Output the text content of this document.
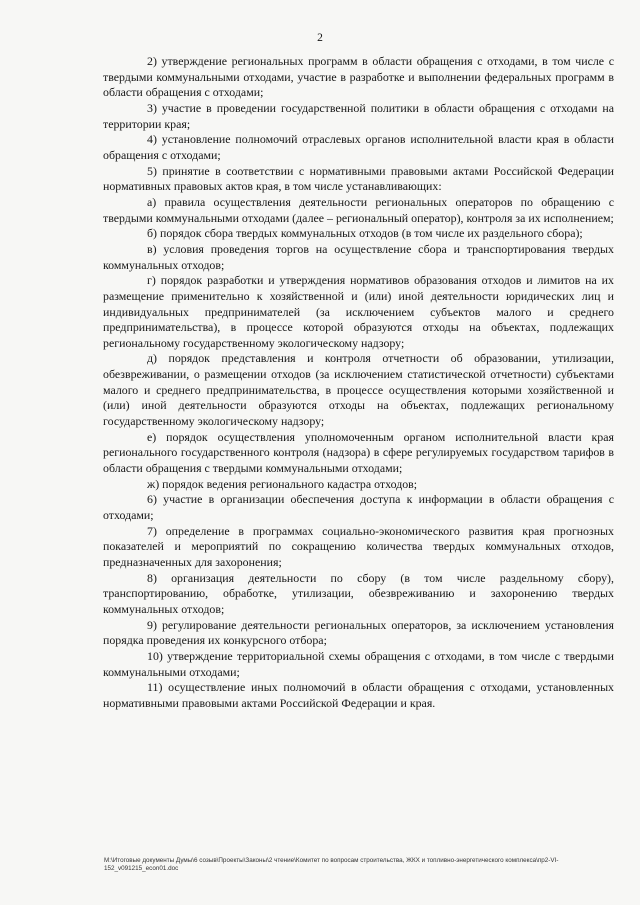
2

2) утверждение региональных программ в области обращения с отходами, в том числе с твердыми коммунальными отходами, участие в разработке и выполнении федеральных программ в области обращения с отходами;

3) участие в проведении государственной политики в области обращения с отходами на территории края;

4) установление полномочий отраслевых органов исполнительной власти края в области обращения с отходами;

5) принятие в соответствии с нормативными правовыми актами Российской Федерации нормативных правовых актов края, в том числе устанавливающих:

а) правила осуществления деятельности региональных операторов по обращению с твердыми коммунальными отходами (далее – региональный оператор), контроля за их исполнением;

б) порядок сбора твердых коммунальных отходов (в том числе их раздельного сбора);

в) условия проведения торгов на осуществление сбора и транспортирования твердых коммунальных отходов;

г) порядок разработки и утверждения нормативов образования отходов и лимитов на их размещение применительно к хозяйственной и (или) иной деятельности юридических лиц и индивидуальных предпринимателей (за исключением субъектов малого и среднего предпринимательства), в процессе которой образуются отходы на объектах, подлежащих региональному государственному экологическому надзору;

д) порядок представления и контроля отчетности об образовании, утилизации, обезвреживании, о размещении отходов (за исключением статистической отчетности) субъектами малого и среднего предпринимательства, в процессе осуществления которыми хозяйственной и (или) иной деятельности образуются отходы на объектах, подлежащих региональному государственному экологическому надзору;

е) порядок осуществления уполномоченным органом исполнительной власти края регионального государственного контроля (надзора) в сфере регулируемых государством тарифов в области обращения с твердыми коммунальными отходами;

ж) порядок ведения регионального кадастра отходов;

6) участие в организации обеспечения доступа к информации в области обращения с отходами;

7) определение в программах социально-экономического развития края прогнозных показателей и мероприятий по сокращению количества твердых коммунальных отходов, предназначенных для захоронения;

8) организация деятельности по сбору (в том числе раздельному сбору), транспортированию, обработке, утилизации, обезвреживанию и захоронению твердых коммунальных отходов;

9) регулирование деятельности региональных операторов, за исключением установления порядка проведения их конкурсного отбора;

10) утверждение территориальной схемы обращения с отходами, в том числе с твердыми коммунальными отходами;

11) осуществление иных полномочий в области обращения с отходами, установленных нормативными правовыми актами Российской Федерации и края.

M:\Итоговые документы Думы\6 созыв\Проекты\Законы\2 чтение\Комитет по вопросам строительства, ЖКХ и топливно-энергетического комплекса\пр2-VI-152_v091215_econ01.doc
